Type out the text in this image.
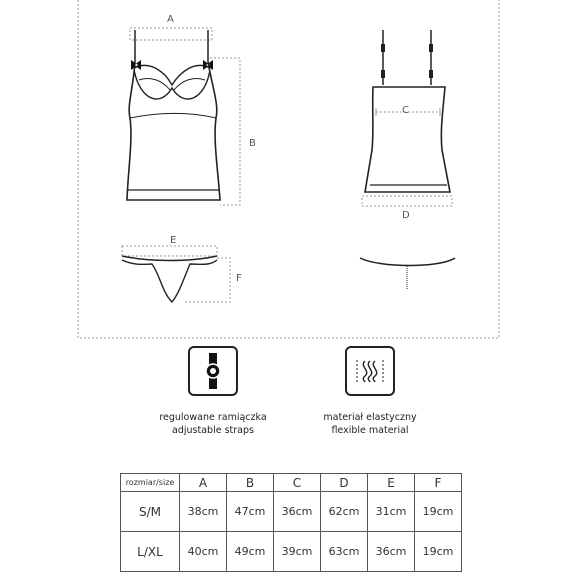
A
B
C
D
E
F
regulowane ramiączka
adjustable straps
materiał elastyczny
flexible material
rozmiar/size	A	B	C	D	E	F
S/M	38cm	47cm	36cm	62cm	31cm	19cm
L/XL	40cm	49cm	39cm	63cm	36cm	19cm
